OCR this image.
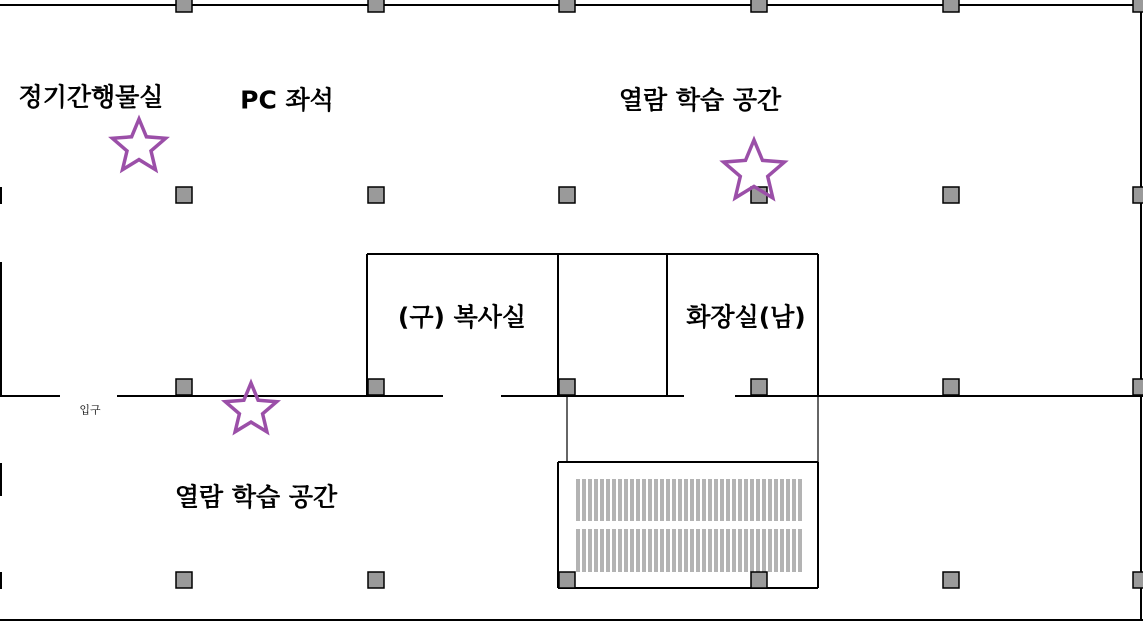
정기간행물실	PC 좌석	열람 학습 공간
(구) 복사실	화장실(남)
입구
열람 학습 공간
